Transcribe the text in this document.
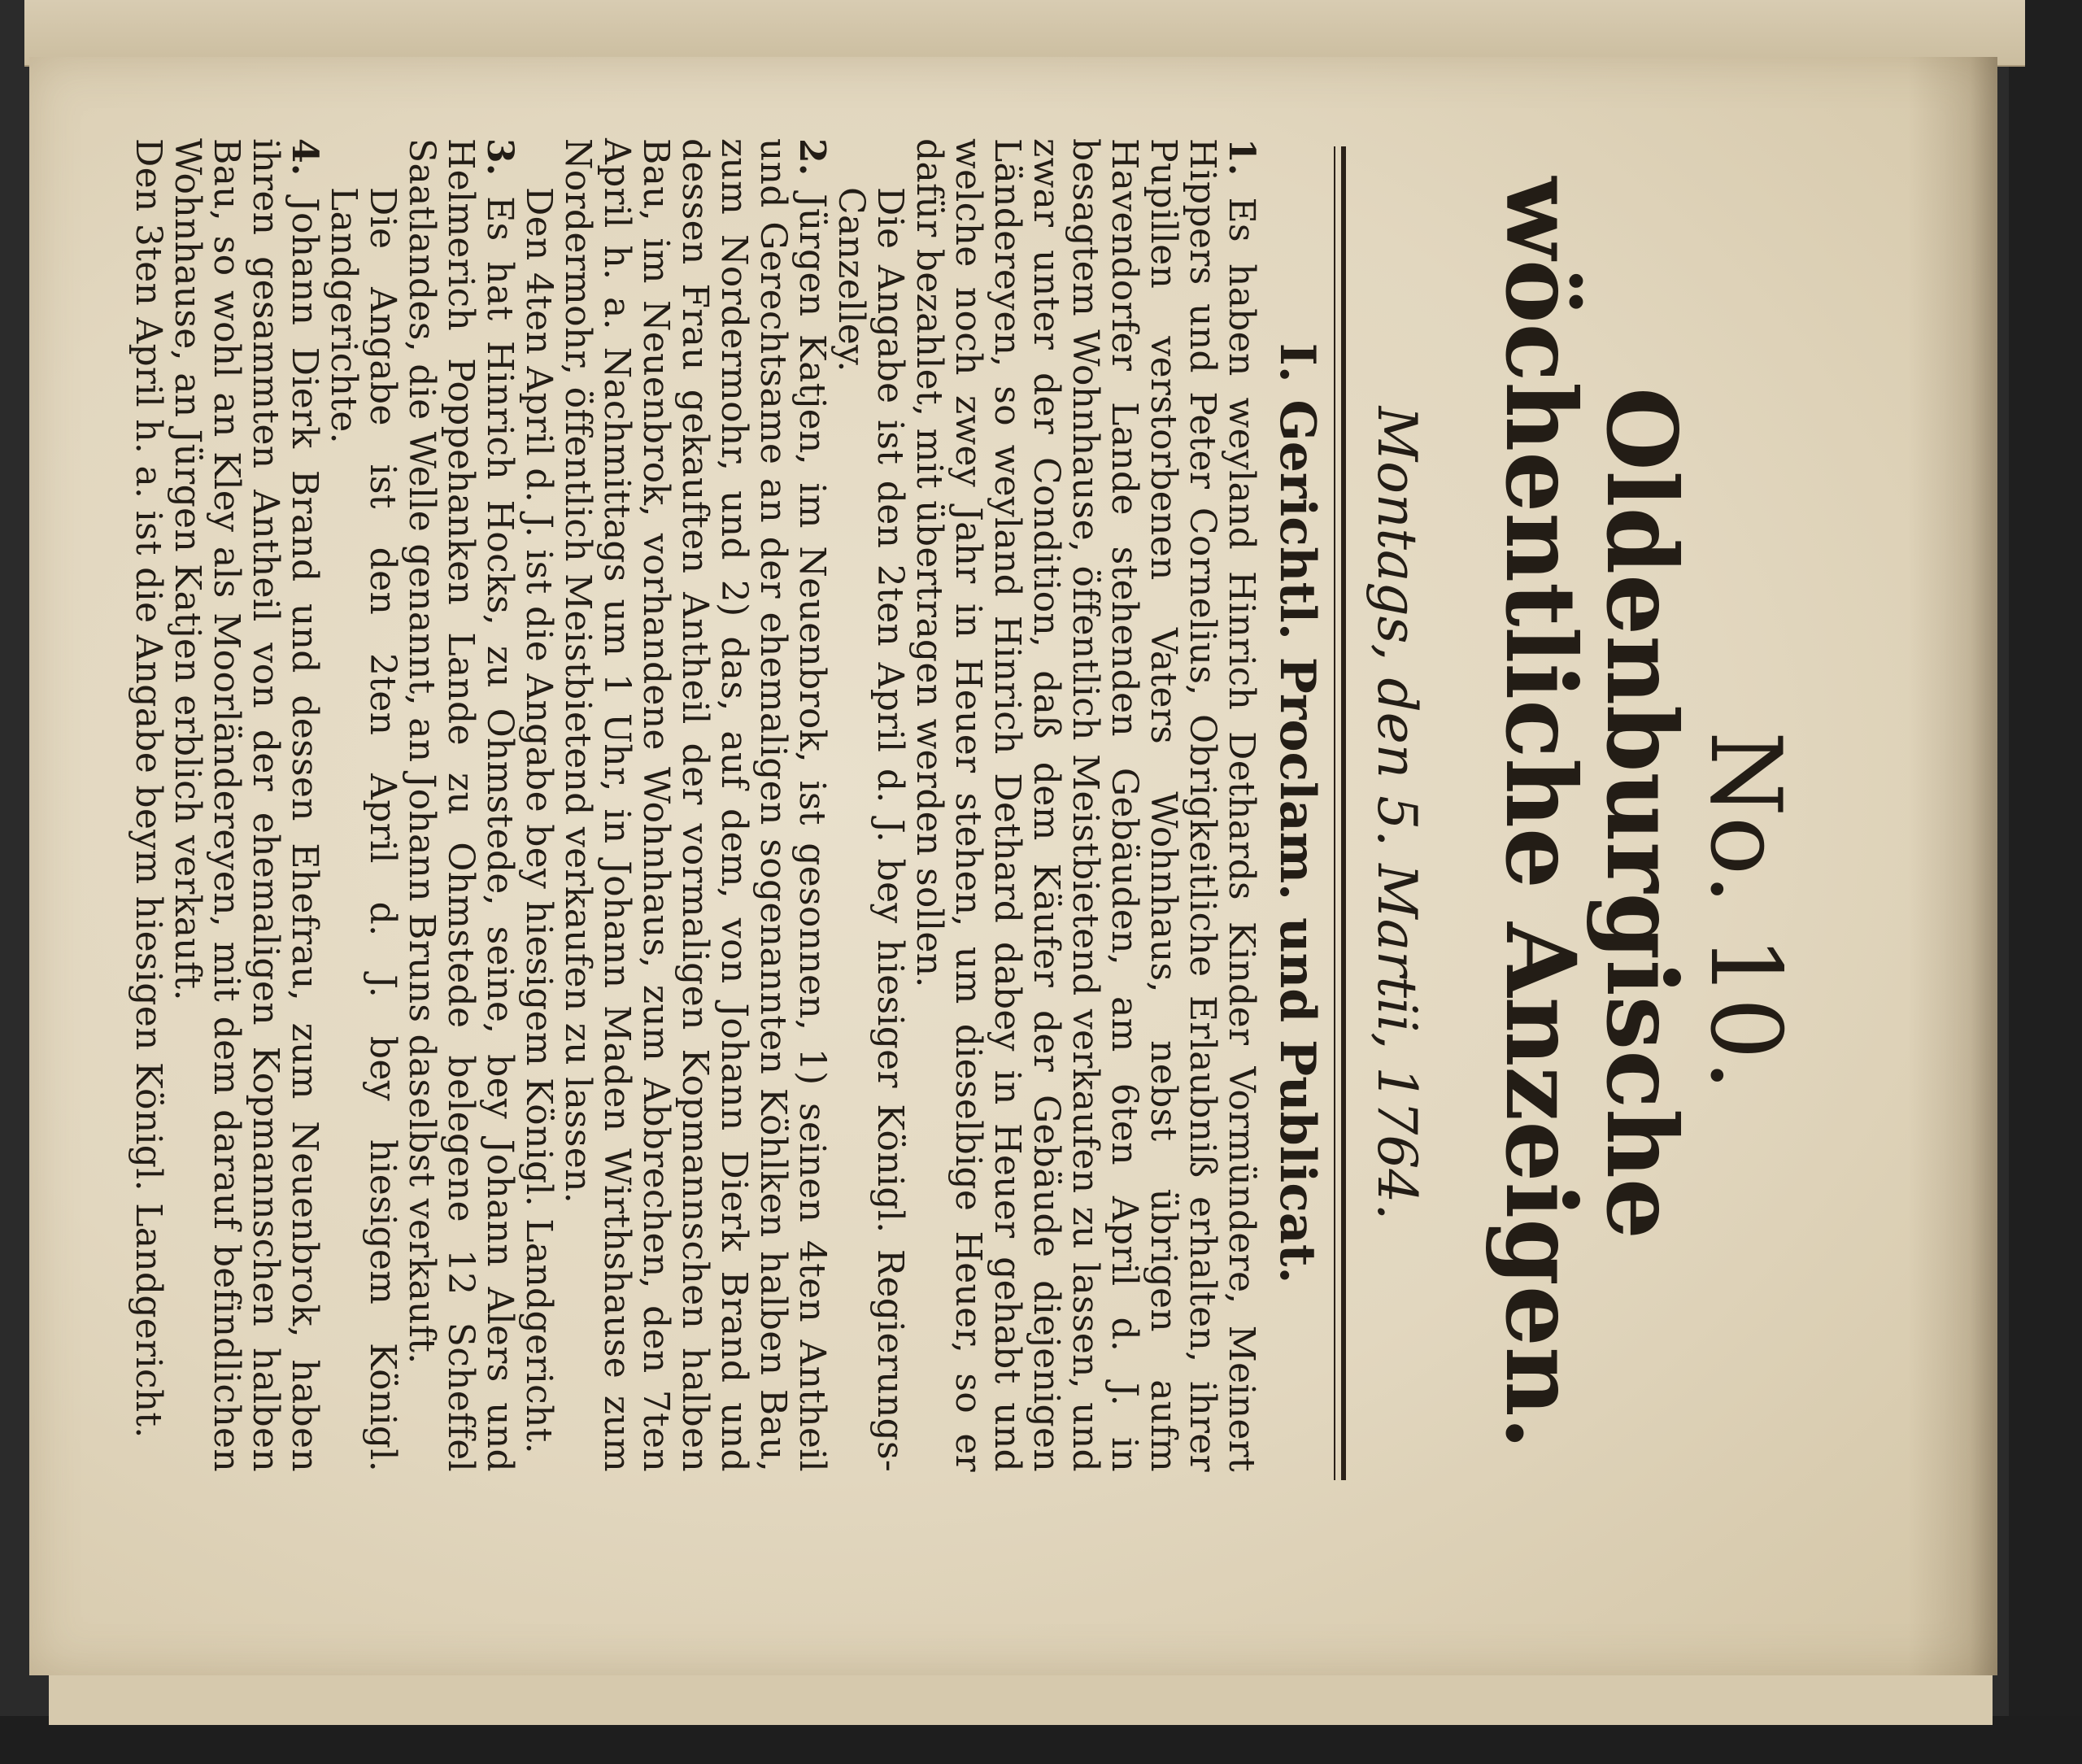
No. 10.
Oldenburgische
wöchentliche Anzeigen.
Montags, den 5. Martii, 1764.
I. Gerichtl. Proclam. und Publicat.

1. Es haben weyland Hinrich Dethards Kinder Vormündere, Meinert Hippers und Peter Cornelius, Obrigkeitliche Erlaubniß erhalten, ihrer Pupillen verstorbenen Vaters Wohnhaus, nebst übrigen aufm Havendorfer Lande stehenden Gebäuden, am 6ten April d. J. in besagtem Wohnhause, öffentlich Meistbietend verkaufen zu lassen, und zwar unter der Condition, daß dem Käufer der Gebäude diejenigen Ländereyen, so weyland Hinrich Dethard dabey in Heuer gehabt und welche noch zwey Jahr in Heuer stehen, um dieselbige Heuer, so er dafür bezahlet, mit übertragen werden sollen.

Die Angabe ist den 2ten April d. J. bey hiesiger Königl. Regierungs-Canzelley.

2. Jürgen Katjen, im Neuenbrok, ist gesonnen, 1) seinen 4ten Antheil und Gerechtsame an der ehemaligen sogenannten Köhlken halben Bau, zum Nordermohr, und 2) das, auf dem, von Johann Dierk Brand und dessen Frau gekauften Antheil der vormaligen Kopmannschen halben Bau, im Neuenbrok, vorhandene Wohnhaus, zum Abbrechen, den 7ten April h. a. Nachmittags um 1 Uhr, in Johann Maden Wirthshause zum Nordermohr, öffentlich Meistbietend verkaufen zu lassen.

Den 4ten April d. J. ist die Angabe bey hiesigem Königl. Landgericht.

3. Es hat Hinrich Hocks, zu Ohmstede, seine, bey Johann Alers und Helmerich Poppehanken Lande zu Ohmstede belegene 12 Scheffel Saatlandes, die Welle genannt, an Johann Bruns daselbst verkauft.

Die Angabe ist den 2ten April d. J. bey hiesigem Königl. Landgerichte.

4. Johann Dierk Brand und dessen Ehefrau, zum Neuenbrok, haben ihren gesammten Antheil von der ehemaligen Kopmannschen halben Bau, so wohl an Kley als Moorländereyen, mit dem darauf befindlichen Wohnhause, an Jürgen Katjen erblich verkauft.

Den 3ten April h. a. ist die Angabe beym hiesigen Königl. Landgericht.
